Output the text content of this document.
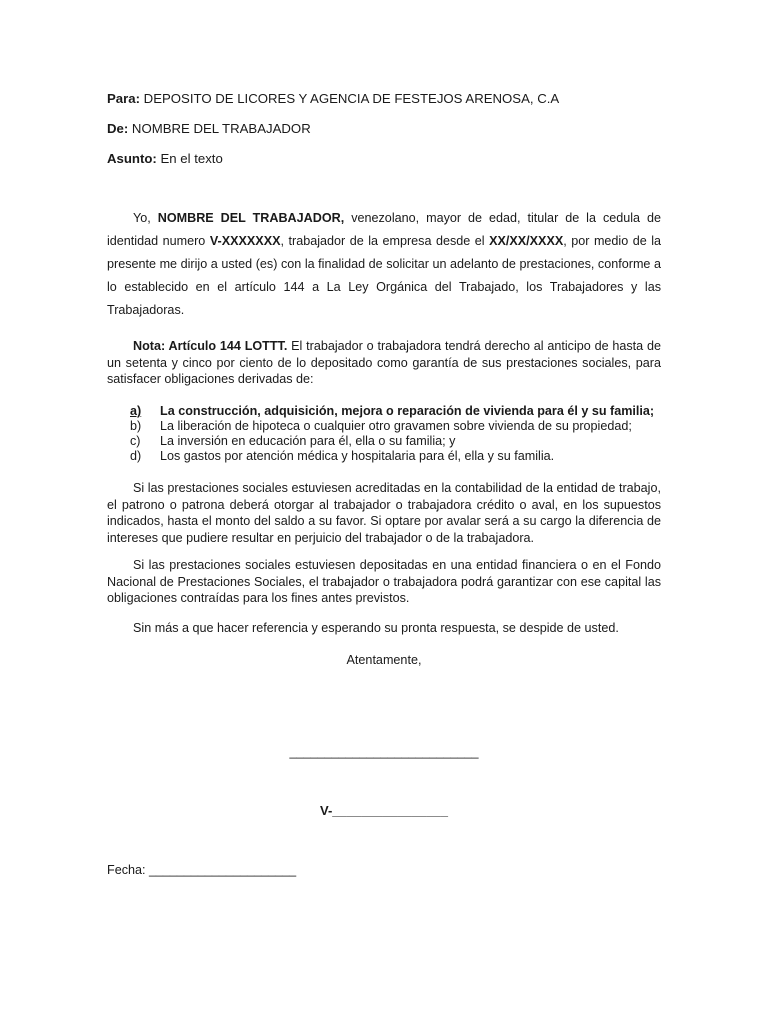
Para: DEPOSITO DE LICORES Y AGENCIA DE FESTEJOS ARENOSA, C.A
De: NOMBRE DEL TRABAJADOR
Asunto: En el texto
Yo, NOMBRE DEL TRABAJADOR, venezolano, mayor de edad, titular de la cedula de
identidad numero V-XXXXXXX, trabajador de la empresa desde el XX/XX/XXXX, por medio de la
presente me dirijo a usted (es) con la finalidad de solicitar un adelanto de prestaciones, conforme a
lo establecido en el artículo 144 a La Ley Orgánica del Trabajado, los Trabajadores y las
Trabajadoras.
Nota: Artículo 144 LOTTT. El trabajador o trabajadora tendrá derecho al anticipo de hasta de
un setenta y cinco por ciento de lo depositado como garantía de sus prestaciones sociales, para
satisfacer obligaciones derivadas de:
a) La construcción, adquisición, mejora o reparación de vivienda para él y su familia;
b) La liberación de hipoteca o cualquier otro gravamen sobre vivienda de su propiedad;
c) La inversión en educación para él, ella o su familia; y
d) Los gastos por atención médica y hospitalaria para él, ella y su familia.
Si las prestaciones sociales estuviesen acreditadas en la contabilidad de la entidad de trabajo,
el patrono o patrona deberá otorgar al trabajador o trabajadora crédito o aval, en los supuestos
indicados, hasta el monto del saldo a su favor. Si optare por avalar será a su cargo la diferencia de
intereses que pudiere resultar en perjuicio del trabajador o de la trabajadora.
Si las prestaciones sociales estuviesen depositadas en una entidad financiera o en el Fondo
Nacional de Prestaciones Sociales, el trabajador o trabajadora podrá garantizar con ese capital las
obligaciones contraídas para los fines antes previstos.
Sin más a que hacer referencia y esperando su pronta respuesta, se despide de usted.
Atentamente,
___________________________
V-________________
Fecha: _____________________
